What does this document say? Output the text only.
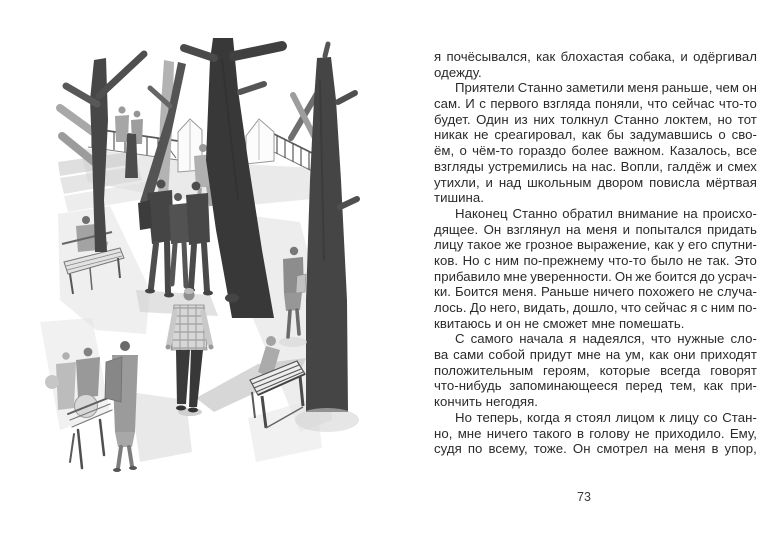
я почёсывался, как блохастая собака, и одёргивал
одежду.
Приятели Станно заметили меня раньше, чем он
сам. И с первого взгляда поняли, что сейчас что-то
будет. Один из них толкнул Станно локтем, но тот
никак не среагировал, как бы задумавшись о сво-
ём, о чём-то гораздо более важном. Казалось, все
взгляды устремились на нас. Вопли, галдёж и смех
утихли, и над школьным двором повисла мёртвая
тишина.
Наконец Станно обратил внимание на происхо-
дящее. Он взглянул на меня и попытался придать
лицу такое же грозное выражение, как у его спутни-
ков. Но с ним по-прежнему что-то было не так. Это
прибавило мне уверенности. Он же боится до усрач-
ки. Боится меня. Раньше ничего похожего не случа-
лось. До него, видать, дошло, что сейчас я с ним по-
квитаюсь и он не сможет мне помешать.
С самого начала я надеялся, что нужные сло-
ва сами собой придут мне на ум, как они приходят
положительным героям, которые всегда говорят
что-нибудь запоминающееся перед тем, как при-
кончить негодяя.
Но теперь, когда я стоял лицом к лицу со Стан-
но, мне ничего такого в голову не приходило. Ему,
судя по всему, тоже. Он смотрел на меня в упор,
73
